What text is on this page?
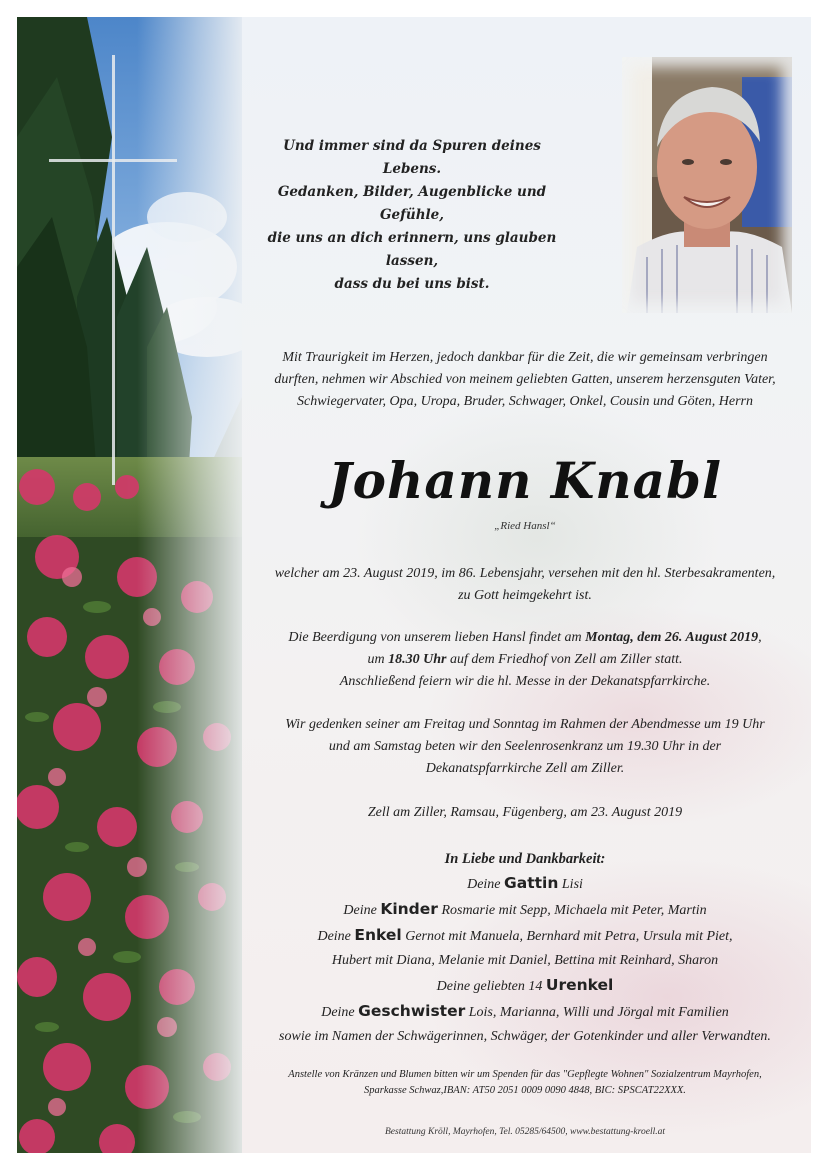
Und immer sind da Spuren deines Lebens.
Gedanken, Bilder, Augenblicke und Gefühle,
die uns an dich erinnern, uns glauben lassen,
dass du bei uns bist.
Mit Traurigkeit im Herzen, jedoch dankbar für die Zeit, die wir gemeinsam verbringen
durften, nehmen wir Abschied von meinem geliebten Gatten, unserem herzensguten Vater,
Schwiegervater, Opa, Uropa, Bruder, Schwager, Onkel, Cousin und Göten, Herrn
Johann Knabl
„Ried Hansl“
welcher am 23. August 2019, im 86. Lebensjahr, versehen mit den hl. Sterbesakramenten,
zu Gott heimgekehrt ist.
Die Beerdigung von unserem lieben Hansl findet am Montag, dem 26. August 2019,
um 18.30 Uhr auf dem Friedhof von Zell am Ziller statt.
Anschließend feiern wir die hl. Messe in der Dekanatspfarrkirche.
Wir gedenken seiner am Freitag und Sonntag im Rahmen der Abendmesse um 19 Uhr
und am Samstag beten wir den Seelenrosenkranz um 19.30 Uhr in der
Dekanatspfarrkirche Zell am Ziller.
Zell am Ziller, Ramsau, Fügenberg, am 23. August 2019
In Liebe und Dankbarkeit:
Deine Gattin Lisi
Deine Kinder Rosmarie mit Sepp, Michaela mit Peter, Martin
Deine Enkel Gernot mit Manuela, Bernhard mit Petra, Ursula mit Piet,
Hubert mit Diana, Melanie mit Daniel, Bettina mit Reinhard, Sharon
Deine geliebten 14 Urenkel
Deine Geschwister Lois, Marianna, Willi und Jörgal mit Familien
sowie im Namen der Schwägerinnen, Schwäger, der Gotenkinder und aller Verwandten.
Anstelle von Kränzen und Blumen bitten wir um Spenden für das "Gepflegte Wohnen" Sozialzentrum Mayrhofen,
Sparkasse Schwaz,IBAN: AT50 2051 0009 0090 4848, BIC: SPSCAT22XXX.
Bestattung Kröll, Mayrhofen, Tel. 05285/64500, www.bestattung-kroell.at
